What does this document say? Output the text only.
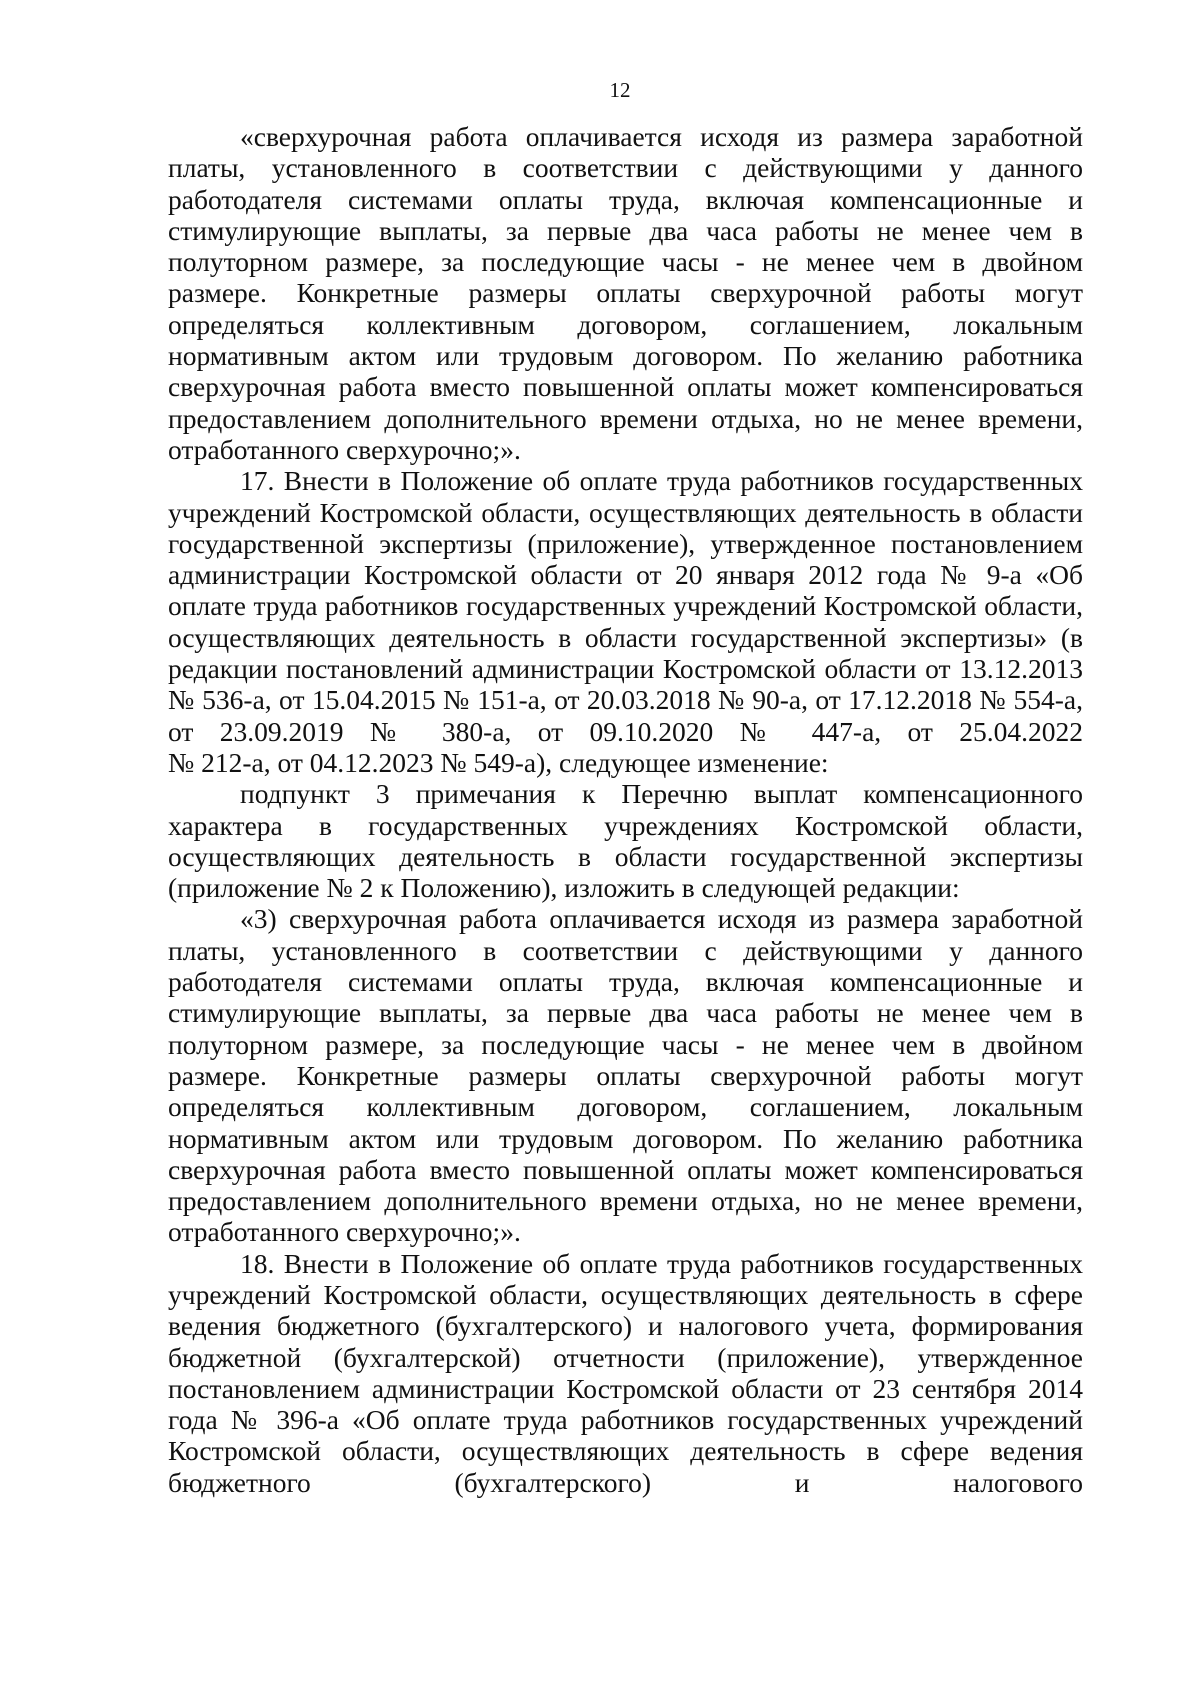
12

«сверхурочная работа оплачивается исходя из размера заработной платы, установленного в соответствии с действующими у данного работодателя системами оплаты труда, включая компенсационные и стимулирующие выплаты, за первые два часа работы не менее чем в полуторном размере, за последующие часы - не менее чем в двойном размере. Конкретные размеры оплаты сверхурочной работы могут определяться коллективным договором, соглашением, локальным нормативным актом или трудовым договором. По желанию работника сверхурочная работа вместо повышенной оплаты может компенсироваться предоставлением дополнительного времени отдыха, но не менее времени,

отработанного сверхурочно;».

17. Внести в Положение об оплате труда работников государственных учреждений Костромской области, осуществляющих деятельность в области государственной экспертизы (приложение), утвержденное постановлением администрации Костромской области от 20 января 2012 года № 9-а «Об оплате труда работников государственных учреждений Костромской области, осуществляющих деятельность в области государственной экспертизы» (в редакции постановлений администрации Костромской области от 13.12.2013 № 536-а, от 15.04.2015 № 151-а, от 20.03.2018 № 90-а, от 17.12.2018 № 554-а, от 23.09.2019 № 380-а, от 09.10.2020 № 447-а, от 25.04.2022

№ 212-а, от 04.12.2023 № 549-а), следующее изменение:

подпункт 3 примечания к Перечню выплат компенсационного характера в государственных учреждениях Костромской области, осуществляющих деятельность в области государственной экспертизы

(приложение № 2 к Положению), изложить в следующей редакции:

«3) сверхурочная работа оплачивается исходя из размера заработной платы, установленного в соответствии с действующими у данного работодателя системами оплаты труда, включая компенсационные и стимулирующие выплаты, за первые два часа работы не менее чем в полуторном размере, за последующие часы - не менее чем в двойном размере. Конкретные размеры оплаты сверхурочной работы могут определяться коллективным договором, соглашением, локальным нормативным актом или трудовым договором. По желанию работника сверхурочная работа вместо повышенной оплаты может компенсироваться предоставлением дополнительного времени отдыха, но не менее времени,

отработанного сверхурочно;».

18. Внести в Положение об оплате труда работников государственных учреждений Костромской области, осуществляющих деятельность в сфере ведения бюджетного (бухгалтерского) и налогового учета, формирования бюджетной (бухгалтерской) отчетности (приложение), утвержденное постановлением администрации Костромской области от 23 сентября 2014 года № 396-а «Об оплате труда работников государственных учреждений Костромской области, осуществляющих деятельность в сфере ведения бюджетного (бухгалтерского) и налогового
